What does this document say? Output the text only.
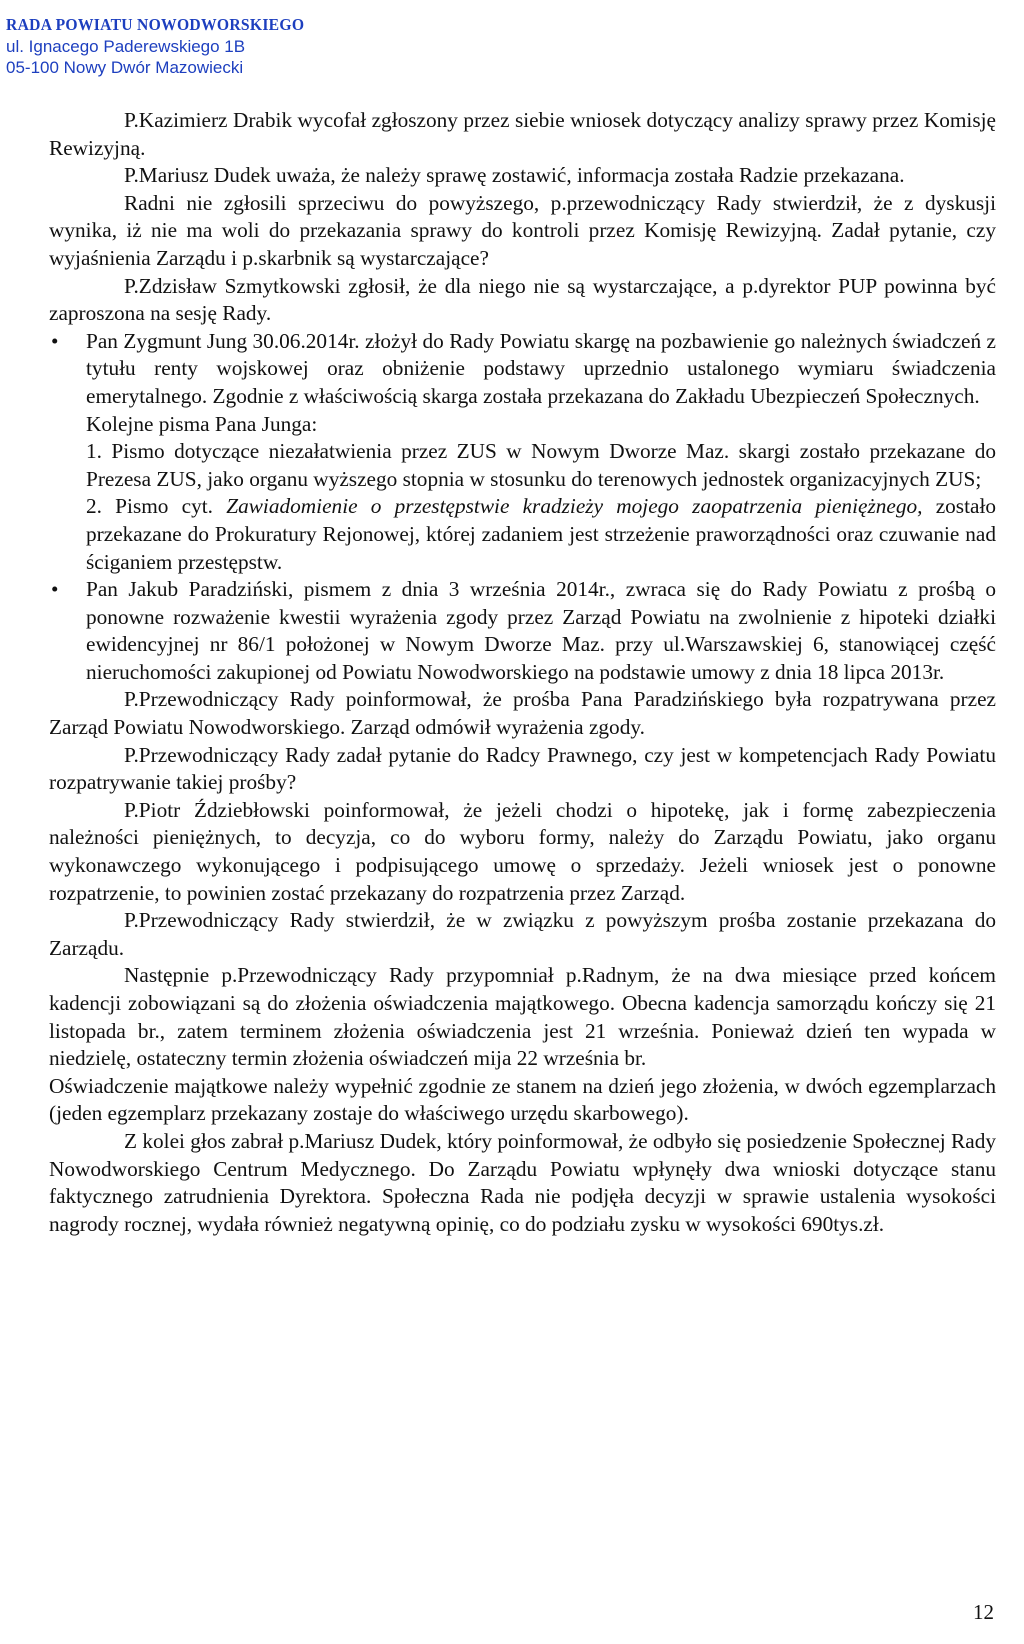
RADA POWIATU NOWODWORSKIEGO
ul. Ignacego Paderewskiego 1B
05-100 Nowy Dwór Mazowiecki

P.Kazimierz Drabik wycofał zgłoszony przez siebie wniosek dotyczący analizy sprawy przez Komisję Rewizyjną.

P.Mariusz Dudek uważa, że należy sprawę zostawić, informacja została Radzie przekazana.

Radni nie zgłosili sprzeciwu do powyższego, p.przewodniczący Rady stwierdził, że z dyskusji wynika, iż nie ma woli do przekazania sprawy do kontroli przez Komisję Rewizyjną. Zadał pytanie, czy wyjaśnienia Zarządu i p.skarbnik są wystarczające?

P.Zdzisław Szmytkowski zgłosił, że dla niego nie są wystarczające, a p.dyrektor PUP powinna być zaproszona na sesję Rady.

• Pan Zygmunt Jung 30.06.2014r. złożył do Rady Powiatu skargę na pozbawienie go należnych świadczeń z tytułu renty wojskowej oraz obniżenie podstawy uprzednio ustalonego wymiaru świadczenia emerytalnego. Zgodnie z właściwością skarga została przekazana do Zakładu Ubezpieczeń Społecznych.

Kolejne pisma Pana Junga:

1. Pismo dotyczące niezałatwienia przez ZUS w Nowym Dworze Maz. skargi zostało przekazane do Prezesa ZUS, jako organu wyższego stopnia w stosunku do terenowych jednostek organizacyjnych ZUS;

2. Pismo cyt. Zawiadomienie o przestępstwie kradzieży mojego zaopatrzenia pieniężnego, zostało przekazane do Prokuratury Rejonowej, której zadaniem jest strzeżenie praworządności oraz czuwanie nad ściganiem przestępstw.

• Pan Jakub Paradziński, pismem z dnia 3 września 2014r., zwraca się do Rady Powiatu z prośbą o ponowne rozważenie kwestii wyrażenia zgody przez Zarząd Powiatu na zwolnienie z hipoteki działki ewidencyjnej nr 86/1 położonej w Nowym Dworze Maz. przy ul.Warszawskiej 6, stanowiącej część nieruchomości zakupionej od Powiatu Nowodworskiego na podstawie umowy z dnia 18 lipca 2013r.

P.Przewodniczący Rady poinformował, że prośba Pana Paradzińskiego była rozpatrywana przez Zarząd Powiatu Nowodworskiego. Zarząd odmówił wyrażenia zgody.

P.Przewodniczący Rady zadał pytanie do Radcy Prawnego, czy jest w kompetencjach Rady Powiatu rozpatrywanie takiej prośby?

P.Piotr Ździebłowski poinformował, że jeżeli chodzi o hipotekę, jak i formę zabezpieczenia należności pieniężnych, to decyzja, co do wyboru formy, należy do Zarządu Powiatu, jako organu wykonawczego wykonującego i podpisującego umowę o sprzedaży. Jeżeli wniosek jest o ponowne rozpatrzenie, to powinien zostać przekazany do rozpatrzenia przez Zarząd.

P.Przewodniczący Rady stwierdził, że w związku z powyższym prośba zostanie przekazana do Zarządu.

Następnie p.Przewodniczący Rady przypomniał p.Radnym, że na dwa miesiące przed końcem kadencji zobowiązani są do złożenia oświadczenia majątkowego. Obecna kadencja samorządu kończy się 21 listopada br., zatem terminem złożenia oświadczenia jest 21 września. Ponieważ dzień ten wypada w niedzielę, ostateczny termin złożenia oświadczeń mija 22 września br.

Oświadczenie majątkowe należy wypełnić zgodnie ze stanem na dzień jego złożenia, w dwóch egzemplarzach (jeden egzemplarz przekazany zostaje do właściwego urzędu skarbowego).

Z kolei głos zabrał p.Mariusz Dudek, który poinformował, że odbyło się posiedzenie Społecznej Rady Nowodworskiego Centrum Medycznego. Do Zarządu Powiatu wpłynęły dwa wnioski dotyczące stanu faktycznego zatrudnienia Dyrektora. Społeczna Rada nie podjęła decyzji w sprawie ustalenia wysokości nagrody rocznej, wydała również negatywną opinię, co do podziału zysku w wysokości 690tys.zł.

12
